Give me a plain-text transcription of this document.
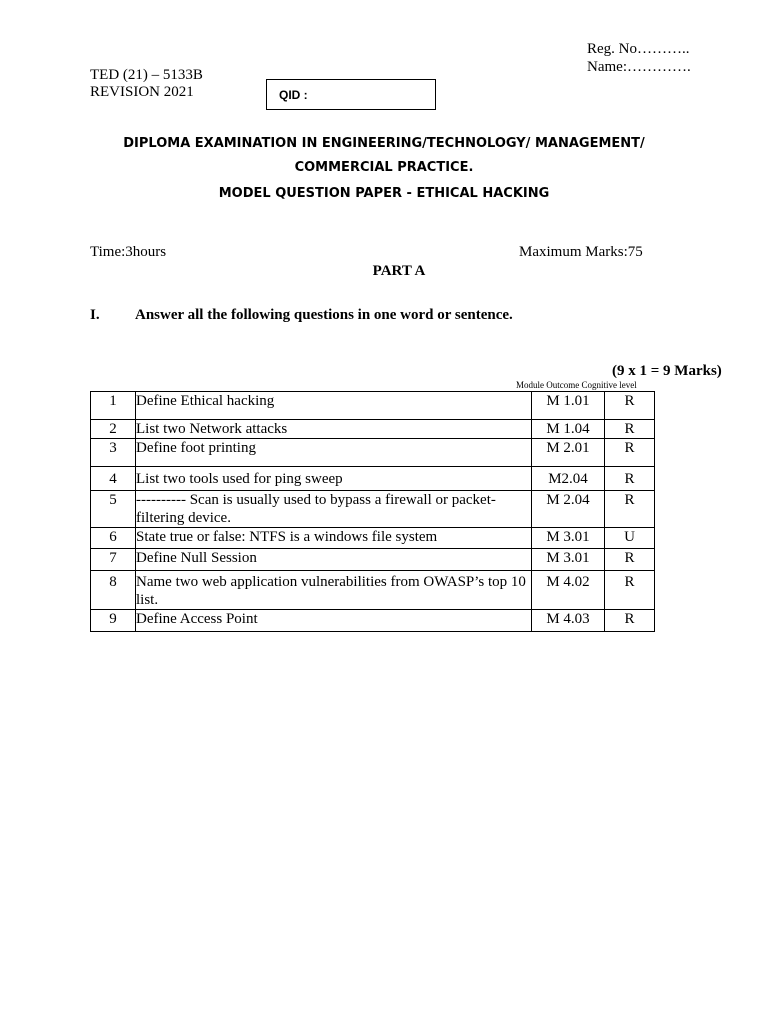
Reg. No………..
Name:………….
TED (21) – 5133B
REVISION 2021	QID :
DIPLOMA EXAMINATION IN ENGINEERING/TECHNOLOGY/ MANAGEMENT/
COMMERCIAL PRACTICE.
MODEL QUESTION PAPER - ETHICAL HACKING
Time:3hours	Maximum Marks:75
PART A
I. Answer all the following questions in one word or sentence.
(9 x 1 = 9 Marks)
Module Outcome Cognitive level
1	Define Ethical hacking	M 1.01	R
2	List two Network attacks	M 1.04	R
3	Define foot printing	M 2.01	R
4	List two tools used for ping sweep	M2.04	R
5	---------- Scan is usually used to bypass a firewall or packet-filtering device.	M 2.04	R
6	State true or false: NTFS is a windows file system	M 3.01	U
7	Define Null Session	M 3.01	R
8	Name two web application vulnerabilities from OWASP’s top 10 list.	M 4.02	R
9	Define Access Point	M 4.03	R
